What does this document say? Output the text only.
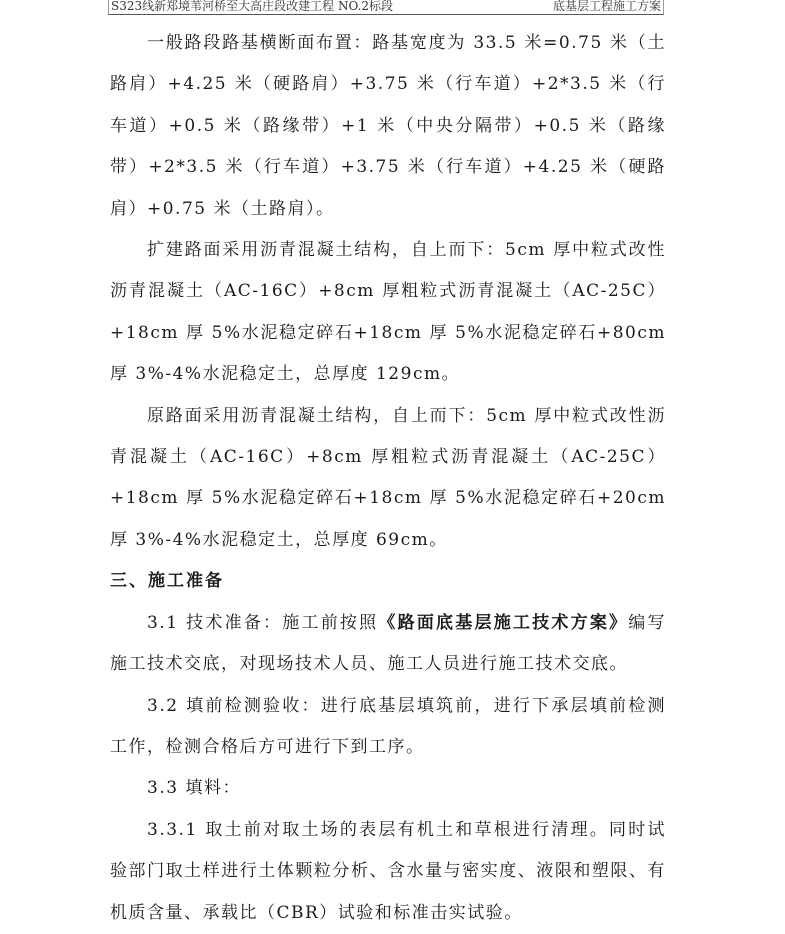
S323线新郑境苇河桥至大高庄段改建工程 NO.2标段	底基层工程施工方案

一般路段路基横断面布置：路基宽度为 33.5 米=0.75 米（土路肩）+4.25 米（硬路肩）+3.75 米（行车道）+2*3.5 米（行车道）+0.5 米（路缘带）+1 米（中央分隔带）+0.5 米（路缘带）+2*3.5 米（行车道）+3.75 米（行车道）+4.25 米（硬路肩）+0.75 米（土路肩）。

扩建路面采用沥青混凝土结构，自上而下：5cm 厚中粒式改性沥青混凝土（AC-16C）+8cm 厚粗粒式沥青混凝土（AC-25C）+18cm 厚 5%水泥稳定碎石+18cm 厚 5%水泥稳定碎石+80cm 厚 3%-4%水泥稳定土，总厚度 129cm。

原路面采用沥青混凝土结构，自上而下：5cm 厚中粒式改性沥青混凝土（AC-16C）+8cm 厚粗粒式沥青混凝土（AC-25C）+18cm 厚 5%水泥稳定碎石+18cm 厚 5%水泥稳定碎石+20cm 厚 3%-4%水泥稳定土，总厚度 69cm。

三、施工准备

3.1 技术准备：施工前按照《路面底基层施工技术方案》编写施工技术交底，对现场技术人员、施工人员进行施工技术交底。

3.2 填前检测验收：进行底基层填筑前，进行下承层填前检测工作，检测合格后方可进行下到工序。

3.3 填料：

3.3.1 取土前对取土场的表层有机土和草根进行清理。同时试验部门取土样进行土体颗粒分析、含水量与密实度、液限和塑限、有机质含量、承载比（CBR）试验和标准击实试验。
